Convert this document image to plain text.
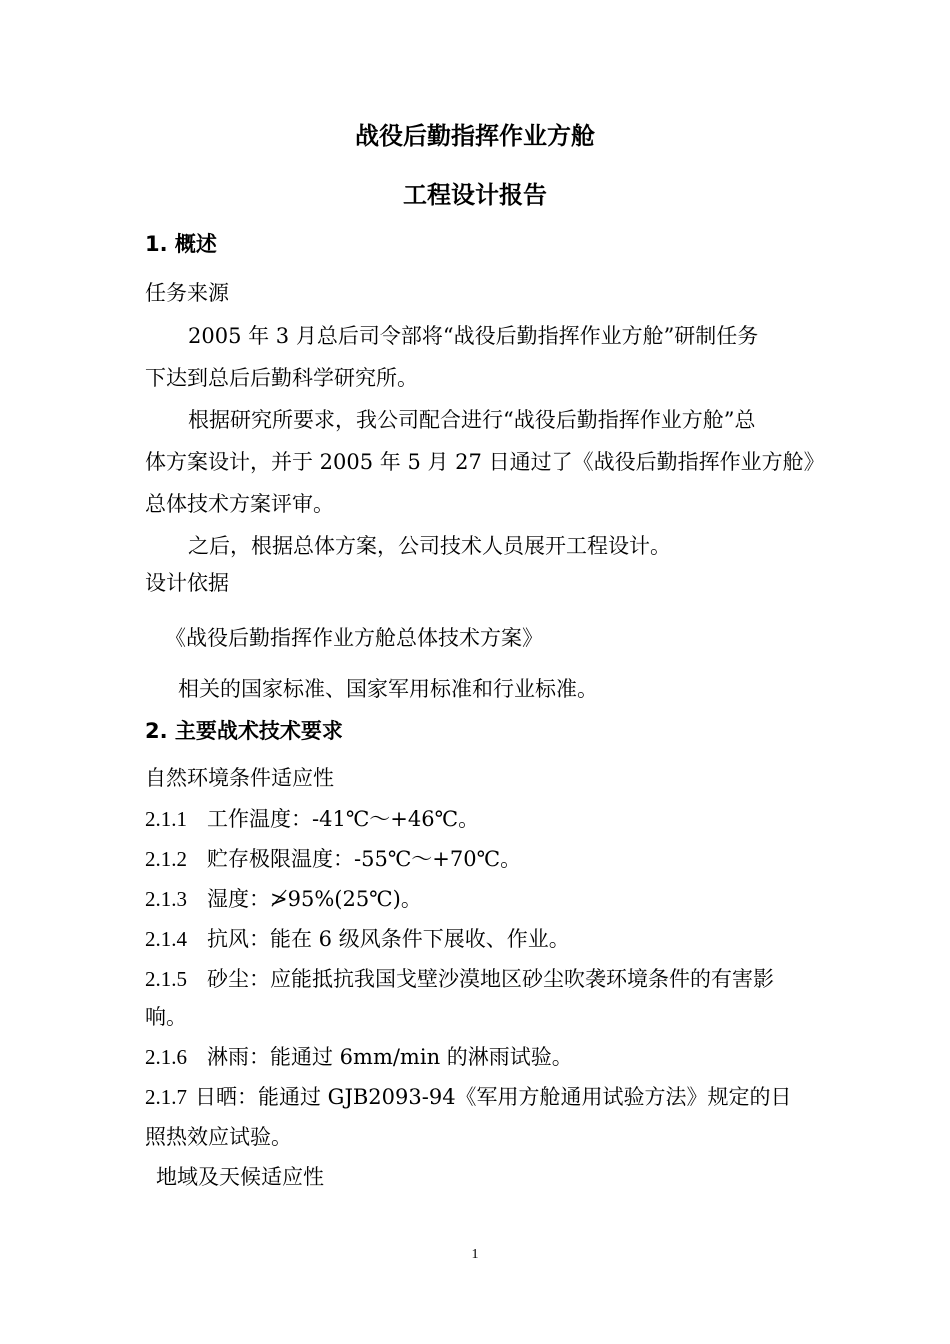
战役后勤指挥作业方舱
工程设计报告
1. 概述
任务来源
2005 年 3 月总后司令部将“战役后勤指挥作业方舱”研制任务
下达到总后后勤科学研究所。
根据研究所要求，我公司配合进行“战役后勤指挥作业方舱”总
体方案设计，并于 2005 年 5 月 27 日通过了《战役后勤指挥作业方舱》
总体技术方案评审。
之后，根据总体方案，公司技术人员展开工程设计。
设计依据
《战役后勤指挥作业方舱总体技术方案》
相关的国家标准、国家军用标准和行业标准。
2. 主要战术技术要求
自然环境条件适应性
2.1.1 工作温度：-41℃～+46℃。
2.1.2 贮存极限温度：-55℃～+70℃。
2.1.3 湿度：≯95%(25℃)。
2.1.4 抗风：能在 6 级风条件下展收、作业。
2.1.5 砂尘：应能抵抗我国戈壁沙漠地区砂尘吹袭环境条件的有害影
响。
2.1.6 淋雨：能通过 6mm/min 的淋雨试验。
2.1.7 日晒：能通过 GJB2093-94《军用方舱通用试验方法》规定的日
照热效应试验。
地域及天候适应性
1
